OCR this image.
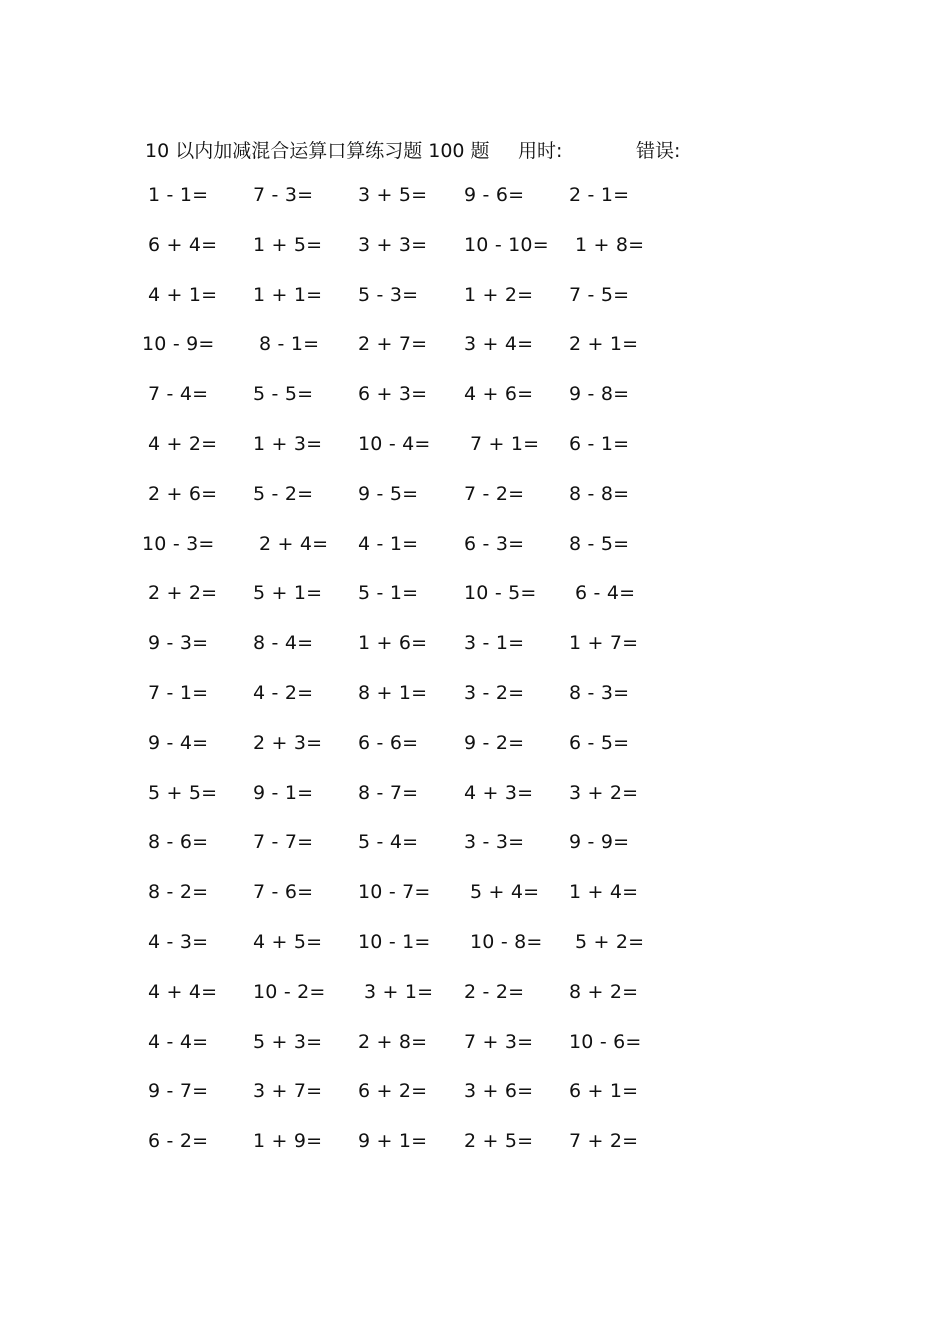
10 以内加减混合运算口算练习题 100 题 用时:	错误:
1 - 1= 7 - 3= 3 + 5= 9 - 6= 2 - 1=
6 + 4= 1 + 5= 3 + 3= 10 - 10= 1 + 8=
4 + 1= 1 + 1= 5 - 3= 1 + 2= 7 - 5=
10 - 9= 8 - 1= 2 + 7= 3 + 4= 2 + 1=
7 - 4= 5 - 5= 6 + 3= 4 + 6= 9 - 8=
4 + 2= 1 + 3= 10 - 4= 7 + 1= 6 - 1=
2 + 6= 5 - 2= 9 - 5= 7 - 2= 8 - 8=
10 - 3= 2 + 4= 4 - 1= 6 - 3= 8 - 5=
2 + 2= 5 + 1= 5 - 1= 10 - 5= 6 - 4=
9 - 3= 8 - 4= 1 + 6= 3 - 1= 1 + 7=
7 - 1= 4 - 2= 8 + 1= 3 - 2= 8 - 3=
9 - 4= 2 + 3= 6 - 6= 9 - 2= 6 - 5=
5 + 5= 9 - 1= 8 - 7= 4 + 3= 3 + 2=
8 - 6= 7 - 7= 5 - 4= 3 - 3= 9 - 9=
8 - 2= 7 - 6= 10 - 7= 5 + 4= 1 + 4=
4 - 3= 4 + 5= 10 - 1= 10 - 8= 5 + 2=
4 + 4= 10 - 2= 3 + 1= 2 - 2= 8 + 2=
4 - 4= 5 + 3= 2 + 8= 7 + 3= 10 - 6=
9 - 7= 3 + 7= 6 + 2= 3 + 6= 6 + 1=
6 - 2= 1 + 9= 9 + 1= 2 + 5= 7 + 2=
